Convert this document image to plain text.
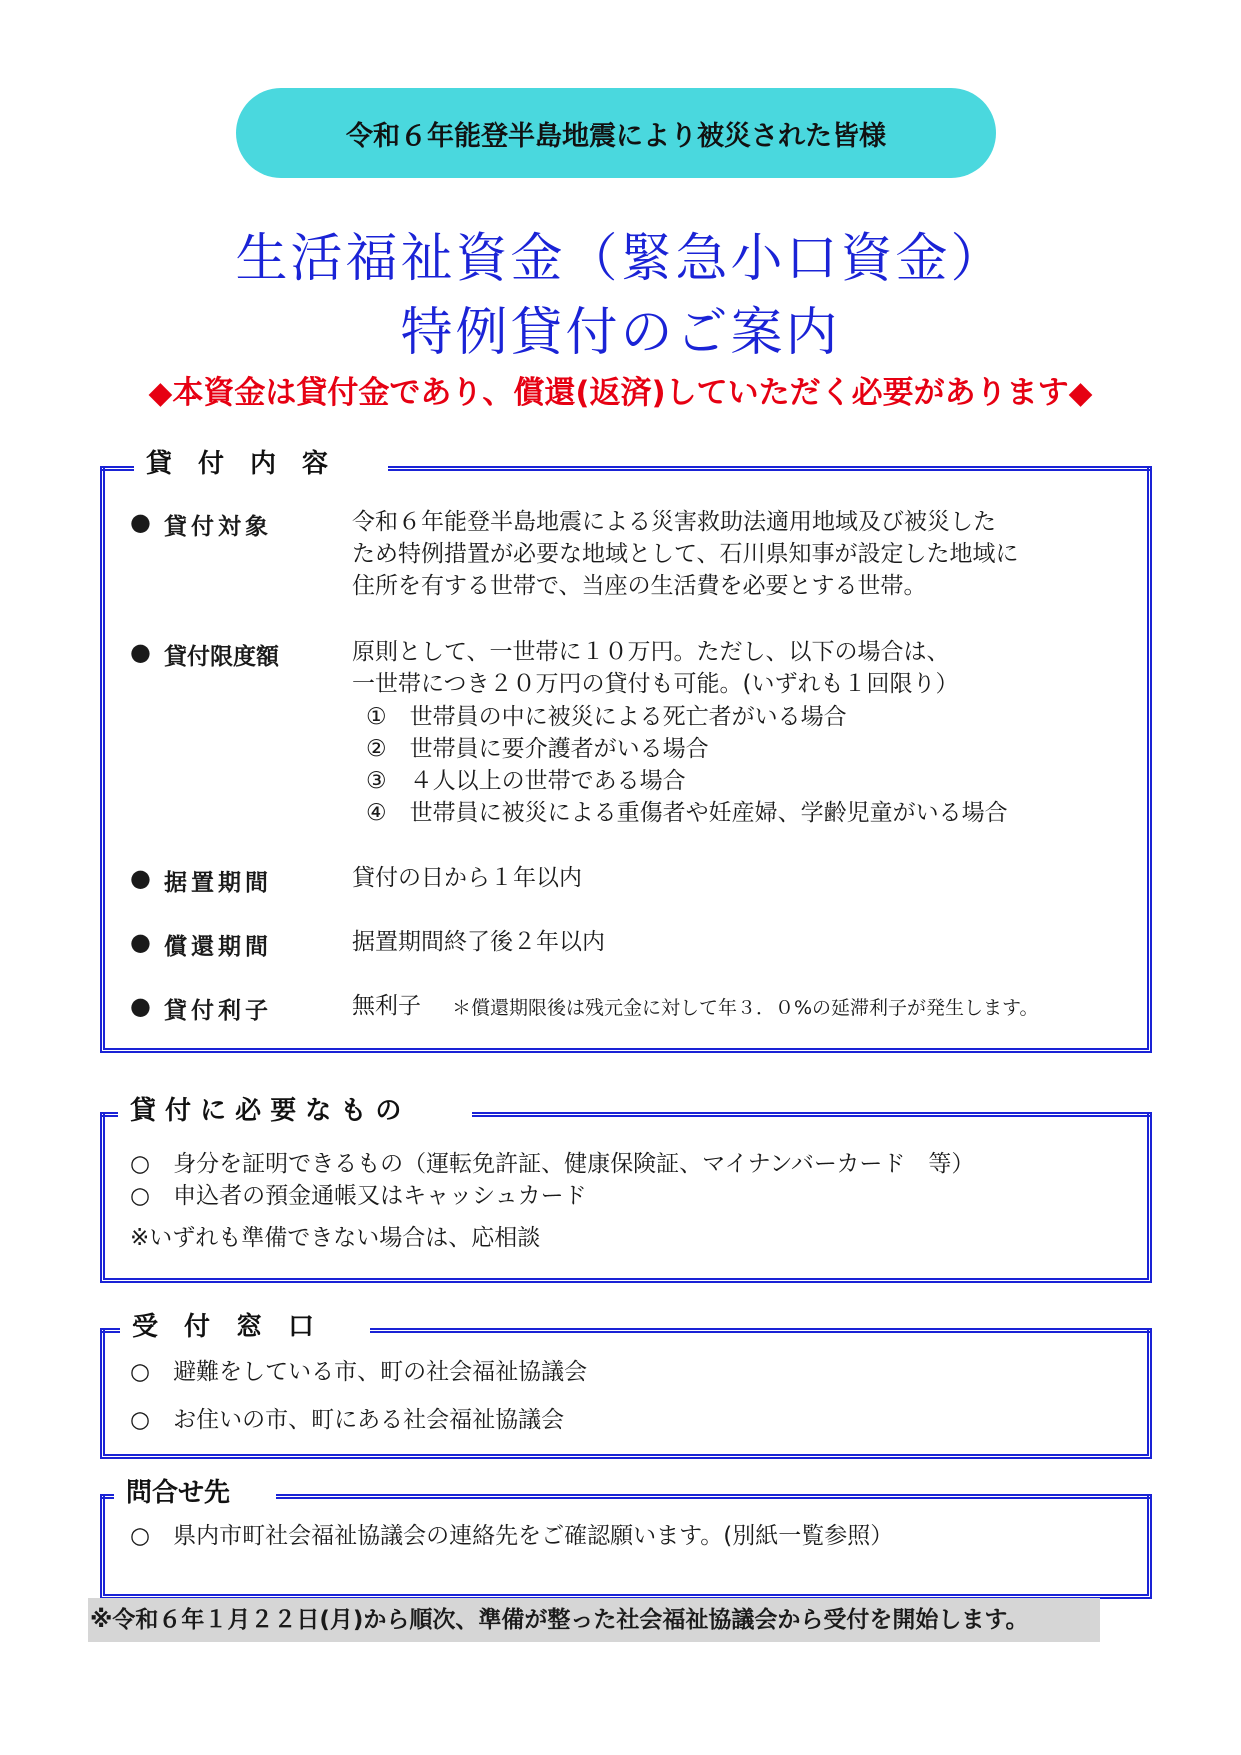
令和６年能登半島地震により被災された皆様
生活福祉資金（緊急小口資金）
特例貸付のご案内
◆本資金は貸付金であり、償還(返済)していただく必要があります◆
貸　付　内　容
● 貸付対象	令和６年能登半島地震による災害救助法適用地域及び被災した
ため特例措置が必要な地域として、石川県知事が設定した地域に
住所を有する世帯で、当座の生活費を必要とする世帯。
● 貸付限度額	原則として、一世帯に１０万円。ただし、以下の場合は、
一世帯につき２０万円の貸付も可能。(いずれも１回限り）
①　世帯員の中に被災による死亡者がいる場合
②　世帯員に要介護者がいる場合
③　４人以上の世帯である場合
④　世帯員に被災による重傷者や妊産婦、学齢児童がいる場合
● 据置期間	貸付の日から１年以内
● 償還期間	据置期間終了後２年以内
● 貸付利子	無利子　 ＊償還期限後は残元金に対して年３．０%の延滞利子が発生します。
貸 付 に 必 要 な も の
○　身分を証明できるもの（運転免許証、健康保険証、マイナンバーカード　等）
○　申込者の預金通帳又はキャッシュカード
※いずれも準備できない場合は、応相談
受　付　窓　口
○　避難をしている市、町の社会福祉協議会
○　お住いの市、町にある社会福祉協議会
問合せ先
○　県内市町社会福祉協議会の連絡先をご確認願います。(別紙一覧参照）
※令和６年１月２２日(月)から順次、準備が整った社会福祉協議会から受付を開始します。
